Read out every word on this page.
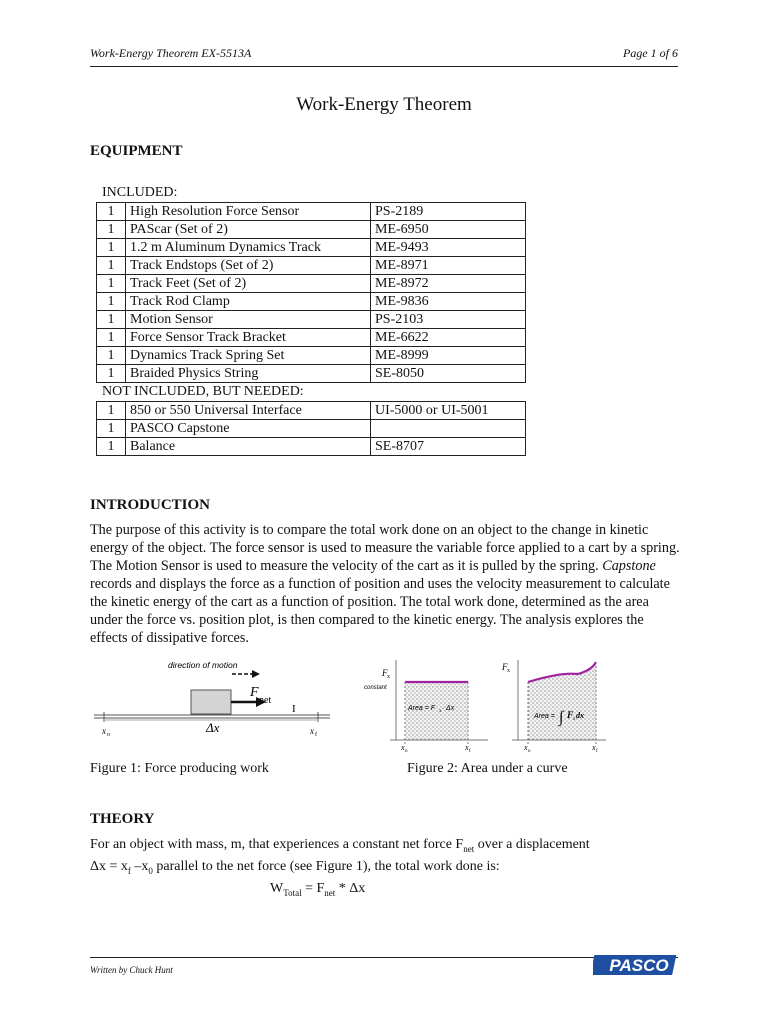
Work-Energy Theorem EX-5513A	Page 1 of 6
Work-Energy Theorem
EQUIPMENT
INCLUDED:
1	High Resolution Force Sensor	PS-2189
1	PAScar (Set of 2)	ME-6950
1	1.2 m Aluminum Dynamics Track	ME-9493
1	Track Endstops (Set of 2)	ME-8971
1	Track Feet (Set of 2)	ME-8972
1	Track Rod Clamp	ME-9836
1	Motion Sensor	PS-2103
1	Force Sensor Track Bracket	ME-6622
1	Dynamics Track Spring Set	ME-8999
1	Braided Physics String	SE-8050
NOT INCLUDED, BUT NEEDED:
1	850 or 550 Universal Interface	UI-5000 or UI-5001
1	PASCO Capstone	
1	Balance	SE-8707
INTRODUCTION
The purpose of this activity is to compare the total work done on an object to the change in kinetic energy of the object. The force sensor is used to measure the variable force applied to a cart by a spring. The Motion Sensor is used to measure the velocity of the cart as it is pulled by the spring. Capstone records and displays the force as a function of position and uses the velocity measurement to calculate the kinetic energy of the cart as a function of position. The total work done, determined as the area under the force vs. position plot, is then compared to the kinetic energy. The analysis explores the effects of dissipative forces.
direction of motion
F
net
I
Δx
x o	x f
Figure 1: Force producing work
F x
constant
Area = F x · Δx
x o	x f
F x
Area = ∫ F x dx
x o	x f
Figure 2: Area under a curve
THEORY
For an object with mass, m, that experiences a constant net force $F_{net}$ over a displacement
$\Delta x = x_f$ $-x_0$ parallel to the net force (see Figure 1), the total work done is:
$W_{Total} = F_{net} * \Delta x$
Written by Chuck Hunt	PASCO
